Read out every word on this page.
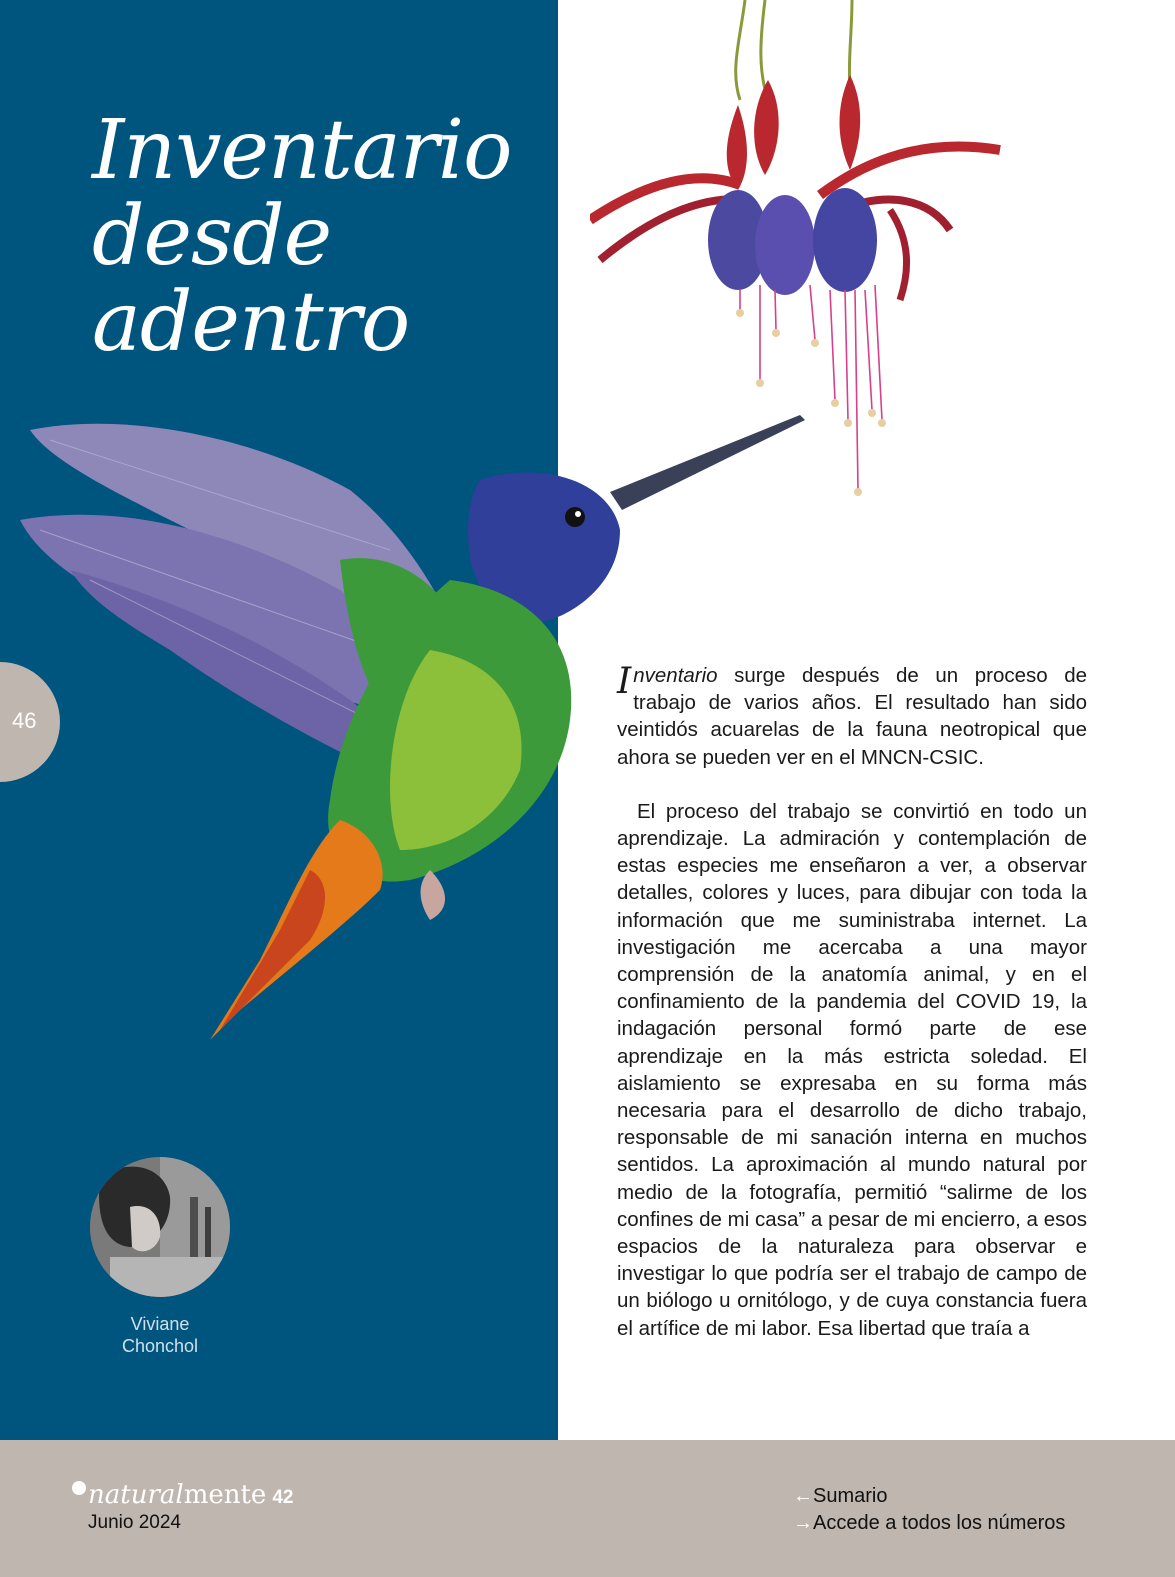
Inventario
desde
adentro
46
Viviane
Chonchol

Inventario surge después de un proceso de trabajo de varios años. El resultado han sido veintidós acuarelas de la fauna neotropical que ahora se pueden ver en el MNCN-CSIC.

El proceso del trabajo se convirtió en todo un aprendizaje. La admiración y contemplación de estas especies me enseñaron a ver, a observar detalles, colores y luces, para dibujar con toda la información que me suministraba internet. La investigación me acercaba a una mayor comprensión de la anatomía animal, y en el confinamiento de la pandemia del COVID 19, la indagación personal formó parte de ese aprendizaje en la más estricta soledad. El aislamiento se expresaba en su forma más necesaria para el desarrollo de dicho trabajo, responsable de mi sanación interna en muchos sentidos. La aproximación al mundo natural por medio de la fotografía, permitió “salirme de los confines de mi casa” a pesar de mi encierro, a esos espacios de la naturaleza para observar e investigar lo que podría ser el trabajo de campo de un biólogo u ornitólogo, y de cuya constancia fuera el artífice de mi labor. Esa libertad que traía a

naturalmente 42
Junio 2024
←Sumario
→Accede a todos los números
